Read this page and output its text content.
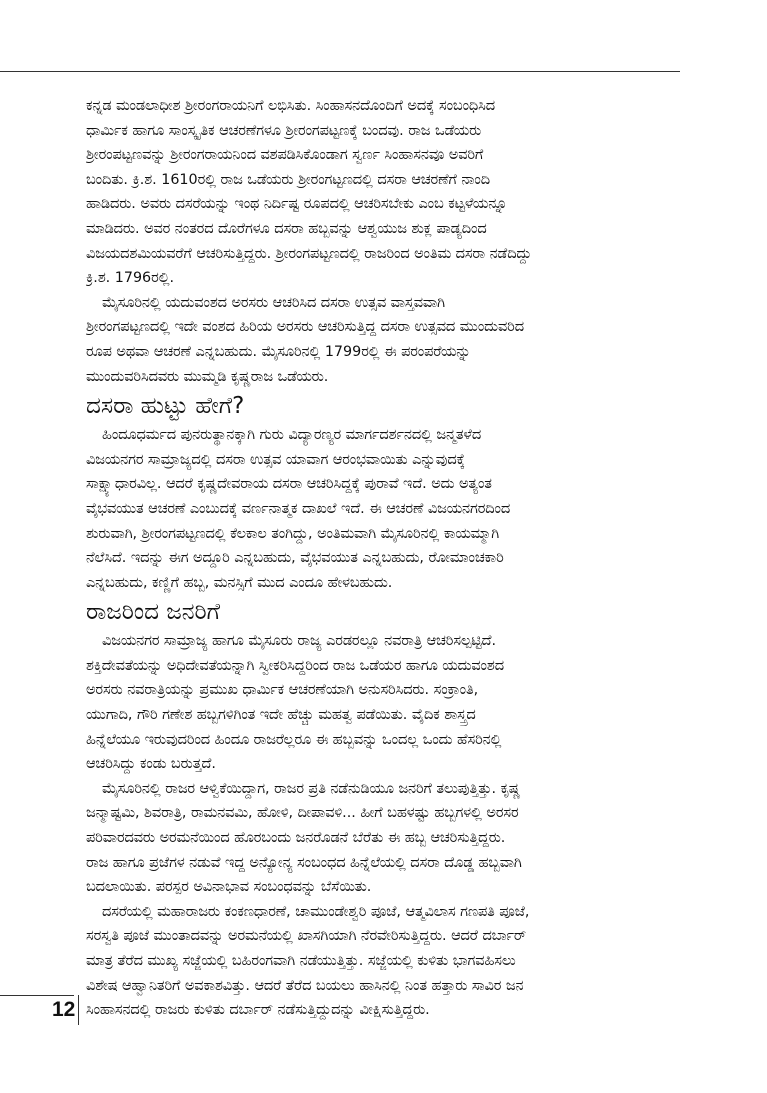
ಕನ್ನಡ ಮಂಡಲಾಧೀಶ ಶ್ರೀರಂಗರಾಯನಿಗೆ ಲಭಿಸಿತು. ಸಿಂಹಾಸನದೊಂದಿಗೆ ಅದಕ್ಕೆ ಸಂಬಂಧಿಸಿದ
ಧಾರ್ಮಿಕ ಹಾಗೂ ಸಾಂಸ್ಕೃತಿಕ ಆಚರಣೆಗಳೂ ಶ್ರೀರಂಗಪಟ್ಟಣಕ್ಕೆ ಬಂದವು. ರಾಜ ಒಡೆಯರು
ಶ್ರೀರಂಪಟ್ಟಣವನ್ನು ಶ್ರೀರಂಗರಾಯನಿಂದ ವಶಪಡಿಸಿಕೊಂಡಾಗ ಸ್ವರ್ಣ ಸಿಂಹಾಸನವೂ ಅವರಿಗೆ
ಬಂದಿತು. ಕ್ರಿ.ಶ. 1610ರಲ್ಲಿ ರಾಜ ಒಡೆಯರು ಶ್ರೀರಂಗಟ್ಟಣದಲ್ಲಿ ದಸರಾ ಆಚರಣೆಗೆ ನಾಂದಿ
ಹಾಡಿದರು. ಅವರು ದಸರೆಯನ್ನು ಇಂಥ ನಿರ್ದಿಷ್ಟ ರೂಪದಲ್ಲಿ ಆಚರಿಸಬೇಕು ಎಂಬ ಕಟ್ಟಳೆಯನ್ನೂ
ಮಾಡಿದರು. ಅವರ ನಂತರದ ದೊರೆಗಳೂ ದಸರಾ ಹಬ್ಬವನ್ನು ಆಶ್ವಯುಜ ಶುಕ್ಲ ಪಾಡ್ಯದಿಂದ
ವಿಜಯದಶಮಿಯವರೆಗೆ ಆಚರಿಸುತ್ತಿದ್ದರು. ಶ್ರೀರಂಗಪಟ್ಟಣದಲ್ಲಿ ರಾಜರಿಂದ ಅಂತಿಮ ದಸರಾ ನಡೆದಿದ್ದು
ಕ್ರಿ.ಶ. 1796ರಲ್ಲಿ.
ಮೈಸೂರಿನಲ್ಲಿ ಯದುವಂಶದ ಅರಸರು ಆಚರಿಸಿದ ದಸರಾ ಉತ್ಸವ ವಾಸ್ತವವಾಗಿ
ಶ್ರೀರಂಗಪಟ್ಟಣದಲ್ಲಿ ಇದೇ ವಂಶದ ಹಿರಿಯ ಅರಸರು ಆಚರಿಸುತ್ತಿದ್ದ ದಸರಾ ಉತ್ಸವದ ಮುಂದುವರಿದ
ರೂಪ ಅಥವಾ ಆಚರಣೆ ಎನ್ನಬಹುದು. ಮೈಸೂರಿನಲ್ಲಿ 1799ರಲ್ಲಿ ಈ ಪರಂಪರೆಯನ್ನು
ಮುಂದುವರಿಸಿದವರು ಮುಮ್ಮಡಿ ಕೃಷ್ಣರಾಜ ಒಡೆಯರು.
ದಸರಾ ಹುಟ್ಟು ಹೇಗೆ?
ಹಿಂದೂಧರ್ಮದ ಪುನರುತ್ಥಾನಕ್ಕಾಗಿ ಗುರು ವಿದ್ಯಾರಣ್ಯರ ಮಾರ್ಗದರ್ಶನದಲ್ಲಿ ಜನ್ಮತಳೆದ
ವಿಜಯನಗರ ಸಾಮ್ರಾಜ್ಯದಲ್ಲಿ ದಸರಾ ಉತ್ಸವ ಯಾವಾಗ ಆರಂಭವಾಯಿತು ಎನ್ನುವುದಕ್ಕೆ
ಸಾಕ್ಷ್ಯಾಧಾರವಿಲ್ಲ. ಆದರೆ ಕೃಷ್ಣದೇವರಾಯ ದಸರಾ ಆಚರಿಸಿದ್ದಕ್ಕೆ ಪುರಾವೆ ಇದೆ. ಅದು ಅತ್ಯಂತ
ವೈಭವಯುತ ಆಚರಣೆ ಎಂಬುದಕ್ಕೆ ವರ್ಣನಾತ್ಮಕ ದಾಖಲೆ ಇದೆ. ಈ ಆಚರಣೆ ವಿಜಯನಗರದಿಂದ
ಶುರುವಾಗಿ, ಶ್ರೀರಂಗಪಟ್ಟಣದಲ್ಲಿ ಕೆಲಕಾಲ ತಂಗಿದ್ದು, ಅಂತಿಮವಾಗಿ ಮೈಸೂರಿನಲ್ಲಿ ಕಾಯಮ್ಮಾಗಿ
ನೆಲೆಸಿದೆ. ಇದನ್ನು ಈಗ ಅದ್ದೂರಿ ಎನ್ನಬಹುದು, ವೈಭವಯುತ ಎನ್ನಬಹುದು, ರೋಮಾಂಚಕಾರಿ
ಎನ್ನಬಹುದು, ಕಣ್ಣಿಗೆ ಹಬ್ಬ, ಮನಸ್ಸಿಗೆ ಮುದ ಎಂದೂ ಹೇಳಬಹುದು.
ರಾಜರಿಂದ ಜನರಿಗೆ
ವಿಜಯನಗರ ಸಾಮ್ರಾಜ್ಯ ಹಾಗೂ ಮೈಸೂರು ರಾಜ್ಯ ಎರಡರಲ್ಲೂ ನವರಾತ್ರಿ ಆಚರಿಸಲ್ಪಟ್ಟಿದೆ.
ಶಕ್ತಿದೇವತೆಯನ್ನು ಅಧಿದೇವತೆಯನ್ನಾಗಿ ಸ್ವೀಕರಿಸಿದ್ದರಿಂದ ರಾಜ ಒಡೆಯರ ಹಾಗೂ ಯದುವಂಶದ
ಅರಸರು ನವರಾತ್ರಿಯನ್ನು ಪ್ರಮುಖ ಧಾರ್ಮಿಕ ಆಚರಣೆಯಾಗಿ ಅನುಸರಿಸಿದರು. ಸಂಕ್ರಾಂತಿ,
ಯುಗಾದಿ, ಗೌರಿ ಗಣೇಶ ಹಬ್ಬಗಳಿಗಿಂತ ಇದೇ ಹೆಚ್ಚು ಮಹತ್ವ ಪಡೆಯಿತು. ವೈದಿಕ ಶಾಸ್ತ್ರದ
ಹಿನ್ನೆಲೆಯೂ ಇರುವುದರಿಂದ ಹಿಂದೂ ರಾಜರೆಲ್ಲರೂ ಈ ಹಬ್ಬವನ್ನು ಒಂದಲ್ಲ ಒಂದು ಹೆಸರಿನಲ್ಲಿ
ಆಚರಿಸಿದ್ದು ಕಂಡು ಬರುತ್ತದೆ.
ಮೈಸೂರಿನಲ್ಲಿ ರಾಜರ ಆಳ್ವಿಕೆಯಿದ್ದಾಗ, ರಾಜರ ಪ್ರತಿ ನಡೆನುಡಿಯೂ ಜನರಿಗೆ ತಲುಪುತ್ತಿತ್ತು. ಕೃಷ್ಣ
ಜನ್ಮಾಷ್ಟಮಿ, ಶಿವರಾತ್ರಿ, ರಾಮನವಮಿ, ಹೋಳಿ, ದೀಪಾವಳಿ... ಹೀಗೆ ಬಹಳಷ್ಟು ಹಬ್ಬಗಳಲ್ಲಿ ಅರಸರ
ಪರಿವಾರದವರು ಅರಮನೆಯಿಂದ ಹೊರಬಂದು ಜನರೊಡನೆ ಬೆರೆತು ಈ ಹಬ್ಬ ಆಚರಿಸುತ್ತಿದ್ದರು.
ರಾಜ ಹಾಗೂ ಪ್ರಜೆಗಳ ನಡುವೆ ಇದ್ದ ಅನ್ಯೋನ್ಯ ಸಂಬಂಧದ ಹಿನ್ನೆಲೆಯಲ್ಲಿ ದಸರಾ ದೊಡ್ಡ ಹಬ್ಬವಾಗಿ
ಬದಲಾಯಿತು. ಪರಸ್ಪರ ಅವಿನಾಭಾವ ಸಂಬಂಧವನ್ನು ಬೆಸೆಯಿತು.
ದಸರೆಯಲ್ಲಿ ಮಹಾರಾಜರು ಕಂಕಣಧಾರಣೆ, ಚಾಮುಂಡೇಶ್ವರಿ ಪೂಜೆ, ಆತ್ಮವಿಲಾಸ ಗಣಪತಿ ಪೂಜೆ,
ಸರಸ್ವತಿ ಪೂಜೆ ಮುಂತಾದವನ್ನು ಅರಮನೆಯಲ್ಲಿ ಖಾಸಗಿಯಾಗಿ ನೆರವೇರಿಸುತ್ತಿದ್ದರು. ಆದರೆ ದರ್ಬಾರ್
ಮಾತ್ರ ತೆರೆದ ಮುಖ್ಯ ಸಜ್ಜೆಯಲ್ಲಿ ಬಹಿರಂಗವಾಗಿ ನಡೆಯುತ್ತಿತ್ತು. ಸಜ್ಜೆಯಲ್ಲಿ ಕುಳಿತು ಭಾಗವಹಿಸಲು
ವಿಶೇಷ ಆಹ್ವಾನಿತರಿಗೆ ಅವಕಾಶವಿತ್ತು. ಆದರೆ ತೆರೆದ ಬಯಲು ಹಾಸಿನಲ್ಲಿ ನಿಂತ ಹತ್ತಾರು ಸಾವಿರ ಜನ
ಸಿಂಹಾಸನದಲ್ಲಿ ರಾಜರು ಕುಳಿತು ದರ್ಬಾರ್ ನಡೆಸುತ್ತಿದ್ದುದನ್ನು ವೀಕ್ಷಿಸುತ್ತಿದ್ದರು.
12
